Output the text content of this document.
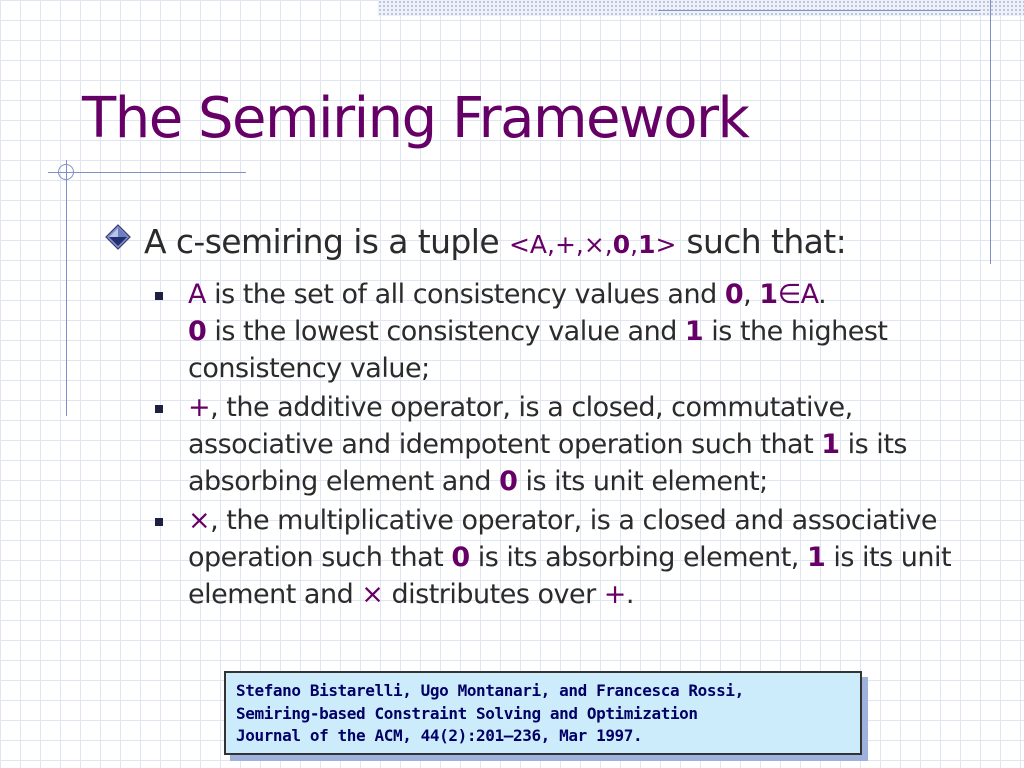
The Semiring Framework
A c-semiring is a tuple <A,+,×,0,1> such that:
A is the set of all consistency values and 0, 1∈A.
0 is the lowest consistency value and 1 is the highest consistency value;
+, the additive operator, is a closed, commutative, associative and idempotent operation such that 1 is its absorbing element and 0 is its unit element;
×, the multiplicative operator, is a closed and associative operation such that 0 is its absorbing element, 1 is its unit element and × distributes over +.
Stefano Bistarelli, Ugo Montanari, and Francesca Rossi,
Semiring-based Constraint Solving and Optimization
Journal of the ACM, 44(2):201–236, Mar 1997.
